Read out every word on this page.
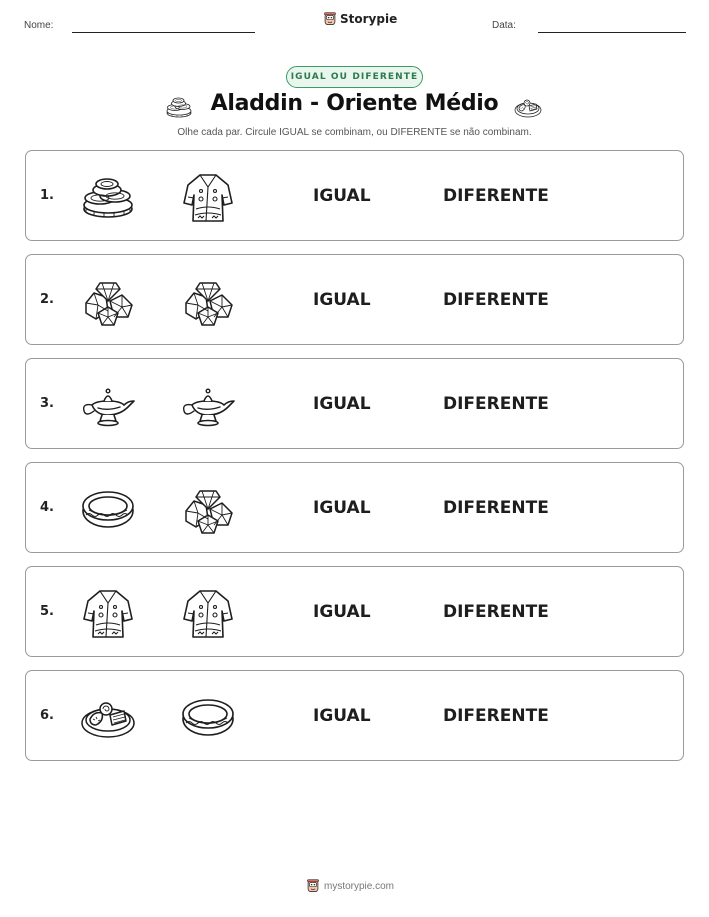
Nome:	Storypie	Data:
IGUAL OU DIFERENTE
Aladdin - Oriente Médio
Olhe cada par. Circule IGUAL se combinam, ou DIFERENTE se não combinam.
1.	IGUAL	DIFERENTE
2.	IGUAL	DIFERENTE
3.	IGUAL	DIFERENTE
4.	IGUAL	DIFERENTE
5.	IGUAL	DIFERENTE
6.	IGUAL	DIFERENTE
mystorypie.com
